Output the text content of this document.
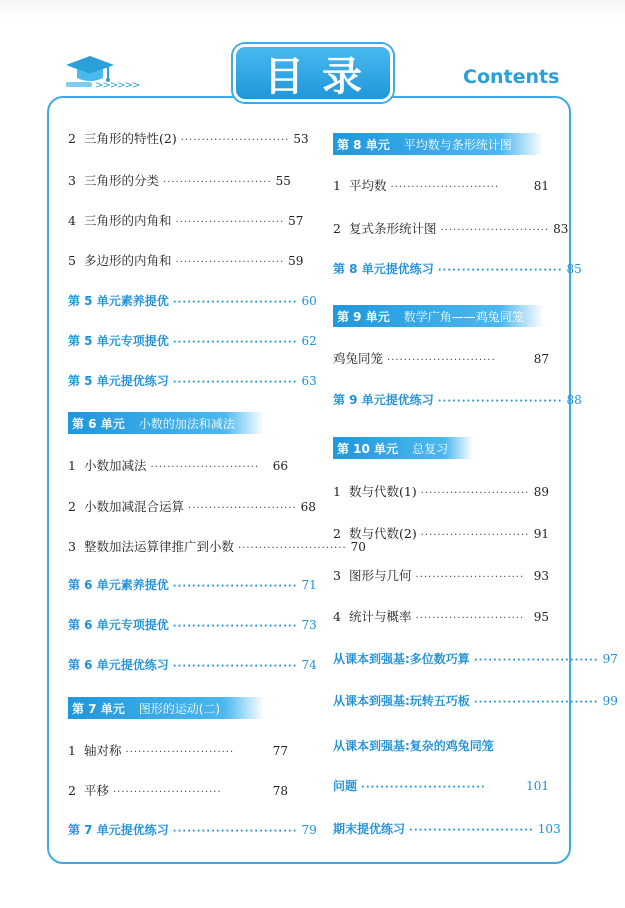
>>>>>>	目录	Contents
2 三角形的特性(2) ·························· 53
3 三角形的分类 ·························· 55
4 三角形的内角和 ·························· 57
5 多边形的内角和 ·························· 59
第 5 单元素养提优 ·························· 60
第 5 单元专项提优 ·························· 62
第 5 单元提优练习 ·························· 63
第 6 单元 小数的加法和减法
1 小数加减法 ··························	66
2 小数加减混合运算 ·························· 68
3 整数加法运算律推广到小数 ·························· 70
第 6 单元素养提优 ·························· 71
第 6 单元专项提优 ·························· 73
第 6 单元提优练习 ·························· 74
第 7 单元 图形的运动(二)
1 轴对称 ··························	77
2 平移 ··························	78
第 7 单元提优练习 ·························· 79
第 8 单元 平均数与条形统计图
1 平均数 ··························	81
2 复式条形统计图 ·························· 83
第 8 单元提优练习 ·························· 85
第 9 单元 数学广角——鸡兔同笼
鸡兔同笼 ··························	87
第 9 单元提优练习 ·························· 88
第 10 单元 总复习
1 数与代数(1) ·························· 89
2 数与代数(2) ·························· 91
3 图形与几何 ·························· 93
4 统计与概率 ·························· 95
从课本到强基:多位数巧算 ·························· 97
从课本到强基:玩转五巧板 ·························· 99
从课本到强基:复杂的鸡兔同笼
问题 ··························	101
期末提优练习 ·························· 103
